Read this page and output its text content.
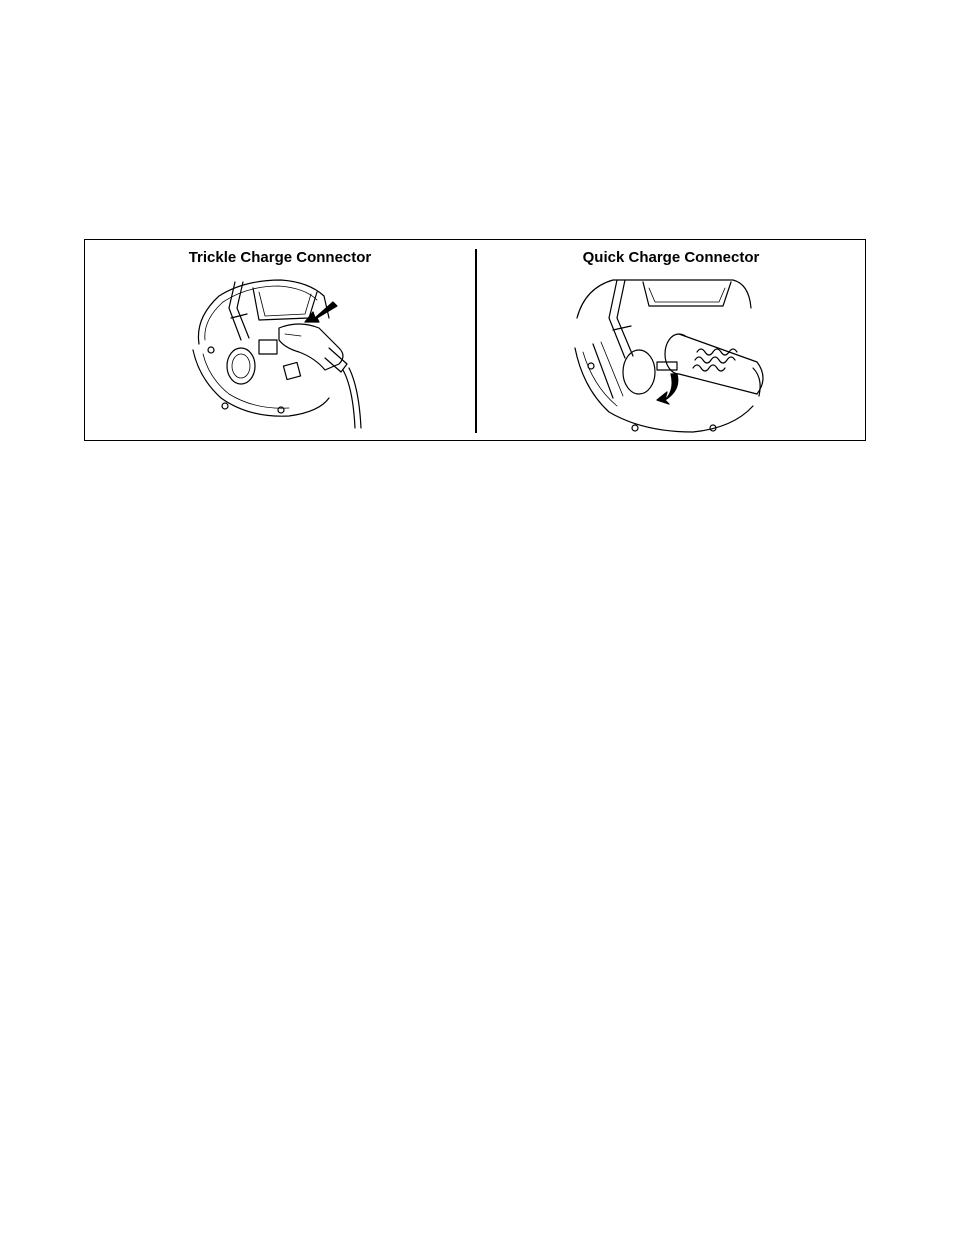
Trickle Charge Connector	Quick Charge Connector
